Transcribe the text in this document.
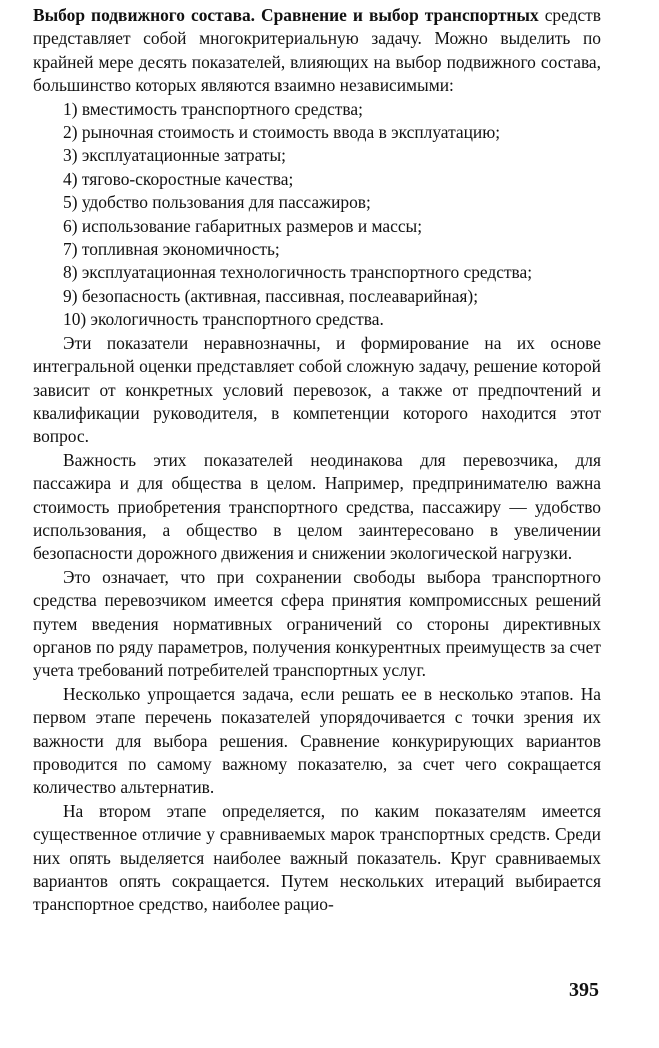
Выбор подвижного состава. Сравнение и выбор транспортных средств представляет собой многокритериальную задачу. Можно выделить по крайней мере десять показателей, влияющих на выбор подвижного состава, большинство которых являются взаимно независимыми:

1) вместимость транспортного средства;
2) рыночная стоимость и стоимость ввода в эксплуатацию;
3) эксплуатационные затраты;
4) тягово-скоростные качества;
5) удобство пользования для пассажиров;
6) использование габаритных размеров и массы;
7) топливная экономичность;
8) эксплуатационная технологичность транспортного средства;
9) безопасность (активная, пассивная, послеаварийная);
10) экологичность транспортного средства.

Эти показатели неравнозначны, и формирование на их основе интегральной оценки представляет собой сложную задачу, решение которой зависит от конкретных условий перевозок, а также от предпочтений и квалификации руководителя, в компетенции которого находится этот вопрос.

Важность этих показателей неодинакова для перевозчика, для пассажира и для общества в целом. Например, предпринимателю важна стоимость приобретения транспортного средства, пассажиру — удобство использования, а общество в целом заинтересовано в увеличении безопасности дорожного движения и снижении экологической нагрузки.

Это означает, что при сохранении свободы выбора транспортного средства перевозчиком имеется сфера принятия компромиссных решений путем введения нормативных ограничений со стороны директивных органов по ряду параметров, получения конкурентных преимуществ за счет учета требований потребителей транспортных услуг.

Несколько упрощается задача, если решать ее в несколько этапов. На первом этапе перечень показателей упорядочивается с точки зрения их важности для выбора решения. Сравнение конкурирующих вариантов проводится по самому важному показателю, за счет чего сокращается количество альтернатив.

На втором этапе определяется, по каким показателям имеется существенное отличие у сравниваемых марок транспортных средств. Среди них опять выделяется наиболее важный показатель. Круг сравниваемых вариантов опять сокращается. Путем нескольких итераций выбирается транспортное средство, наиболее рацио-

395
